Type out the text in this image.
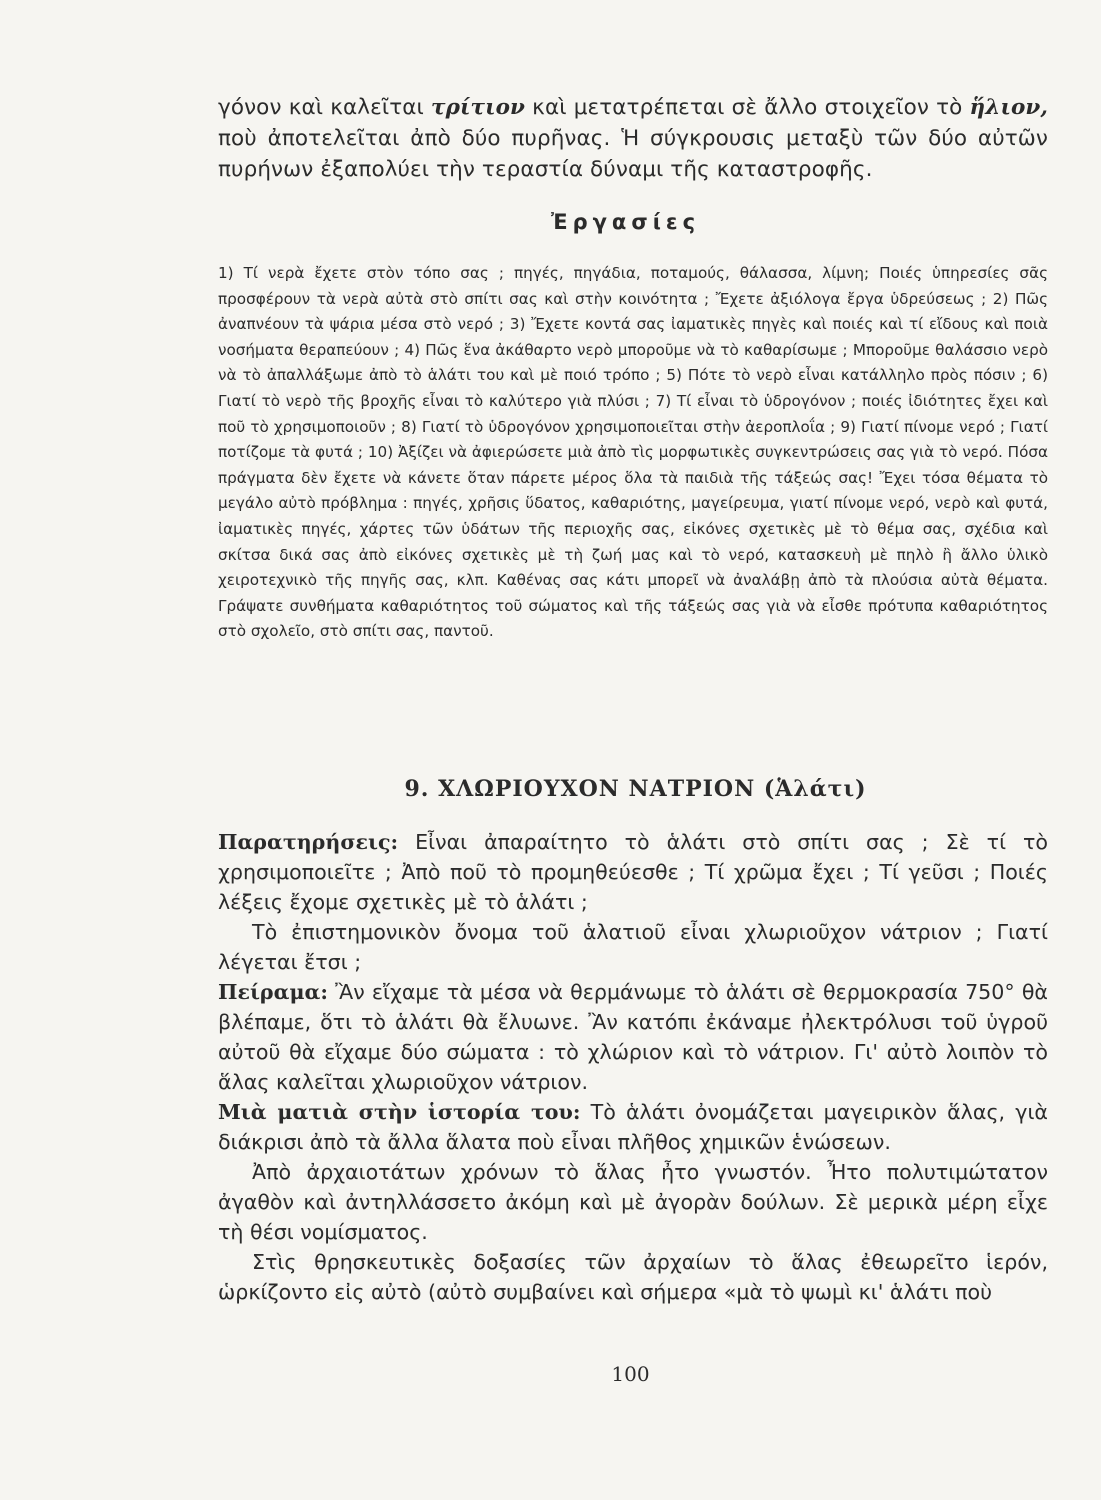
γόνον καὶ καλεῖται τρίτιον καὶ μετατρέπεται σὲ ἄλλο στοιχεῖον τὸ ἥλιον, ποὺ ἀποτελεῖται ἀπὸ δύο πυρῆνας. Ἡ σύγκρουσις μεταξὺ τῶν δύο αὐτῶν πυρήνων ἐξαπολύει τὴν τεραστία δύναμι τῆς καταστροφῆς.

Ἐργασίες

1) Τί νερὰ ἔχετε στὸν τόπο σας ; πηγές, πηγάδια, ποταμούς, θάλασσα, λίμνη; Ποιές ὑπηρεσίες σᾶς προσφέρουν τὰ νερὰ αὐτὰ στὸ σπίτι σας καὶ στὴν κοινότητα ; Ἔχετε ἀξιόλογα ἔργα ὑδρεύσεως ; 2) Πῶς ἀναπνέουν τὰ ψάρια μέσα στὸ νερό ; 3) Ἔχετε κοντά σας ἰαματικὲς πηγὲς καὶ ποιές καὶ τί εἴδους καὶ ποιὰ νοσήματα θεραπεύουν ; 4) Πῶς ἕνα ἀκάθαρτο νερὸ μποροῦμε νὰ τὸ καθαρίσωμε ; Μποροῦμε θαλάσσιο νερὸ νὰ τὸ ἀπαλλάξωμε ἀπὸ τὸ ἁλάτι του καὶ μὲ ποιό τρόπο ; 5) Πότε τὸ νερὸ εἶναι κατάλληλο πρὸς πόσιν ; 6) Γιατί τὸ νερὸ τῆς βροχῆς εἶναι τὸ καλύτερο γιὰ πλύσι ; 7) Τί εἶναι τὸ ὑδρογόνον ; ποιές ἰδιότητες ἔχει καὶ ποῦ τὸ χρησιμοποιοῦν ; 8) Γιατί τὸ ὑδρογόνον χρησιμοποιεῖται στὴν ἀεροπλοΐα ; 9) Γιατί πίνομε νερό ; Γιατί ποτίζομε τὰ φυτά ; 10) Ἀξίζει νὰ ἀφιερώσετε μιὰ ἀπὸ τὶς μορφωτικὲς συγκεντρώσεις σας γιὰ τὸ νερό. Πόσα πράγματα δὲν ἔχετε νὰ κάνετε ὅταν πάρετε μέρος ὅλα τὰ παιδιὰ τῆς τάξεώς σας! Ἔχει τόσα θέματα τὸ μεγάλο αὐτὸ πρόβλημα : πηγές, χρῆσις ὕδατος, καθαριότης, μαγείρευμα, γιατί πίνομε νερό, νερὸ καὶ φυτά, ἰαματικὲς πηγές, χάρτες τῶν ὑδάτων τῆς περιοχῆς σας, εἰκόνες σχετικὲς μὲ τὸ θέμα σας, σχέδια καὶ σκίτσα δικά σας ἀπὸ εἰκόνες σχετικὲς μὲ τὴ ζωή μας καὶ τὸ νερό, κατασκευὴ μὲ πηλὸ ἢ ἄλλο ὑλικὸ χειροτεχνικὸ τῆς πηγῆς σας, κλπ. Καθένας σας κάτι μπορεῖ νὰ ἀναλάβῃ ἀπὸ τὰ πλούσια αὐτὰ θέματα. Γράψατε συνθήματα καθαριότητος τοῦ σώματος καὶ τῆς τάξεώς σας γιὰ νὰ εἶσθε πρότυπα καθαριότητος στὸ σχολεῖο, στὸ σπίτι σας, παντοῦ.

9. ΧΛΩΡΙΟΥΧΟΝ ΝΑΤΡΙΟΝ (Ἁλάτι)

Παρατηρήσεις: Εἶναι ἀπαραίτητο τὸ ἁλάτι στὸ σπίτι σας ; Σὲ τί τὸ χρησιμοποιεῖτε ; Ἀπὸ ποῦ τὸ προμηθεύεσθε ; Τί χρῶμα ἔχει ; Τί γεῦσι ; Ποιές λέξεις ἔχομε σχετικὲς μὲ τὸ ἁλάτι ;

Τὸ ἐπιστημονικὸν ὄνομα τοῦ ἁλατιοῦ εἶναι χλωριοῦχον νάτριον ; Γιατί λέγεται ἔτσι ;

Πείραμα: Ἂν εἴχαμε τὰ μέσα νὰ θερμάνωμε τὸ ἁλάτι σὲ θερμοκρασία 750° θὰ βλέπαμε, ὅτι τὸ ἁλάτι θὰ ἔλυωνε. Ἂν κατόπι ἐκάναμε ἠλεκτρόλυσι τοῦ ὑγροῦ αὐτοῦ θὰ εἴχαμε δύο σώματα : τὸ χλώριον καὶ τὸ νάτριον. Γι' αὐτὸ λοιπὸν τὸ ἅλας καλεῖται χλωριοῦχον νάτριον.

Μιὰ ματιὰ στὴν ἱστορία του: Τὸ ἁλάτι ὀνομάζεται μαγειρικὸν ἅλας, γιὰ διάκρισι ἀπὸ τὰ ἄλλα ἅλατα ποὺ εἶναι πλῆθος χημικῶν ἑνώσεων.

Ἀπὸ ἀρχαιοτάτων χρόνων τὸ ἅλας ἦτο γνωστόν. Ἦτο πολυτιμώτατον ἀγαθὸν καὶ ἀντηλλάσσετο ἀκόμη καὶ μὲ ἀγορὰν δούλων. Σὲ μερικὰ μέρη εἶχε τὴ θέσι νομίσματος.

Στὶς θρησκευτικὲς δοξασίες τῶν ἀρχαίων τὸ ἅλας ἐθεωρεῖτο ἱερόν, ὡρκίζοντο εἰς αὐτὸ (αὐτὸ συμβαίνει καὶ σήμερα «μὰ τὸ ψωμὶ κι' ἁλάτι ποὺ

100
